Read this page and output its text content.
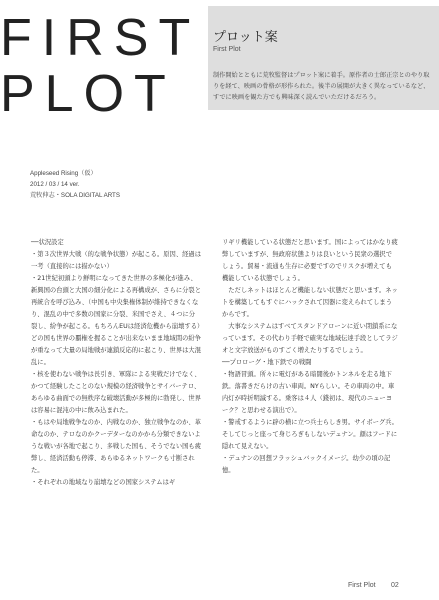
FIRST
PLOT
プロット案
First Plot
制作開始とともに荒牧監督はプロット案に着手。原作者の士郎正宗とのやり取りを経て、映画の骨格が形作られた。後半の展開が大きく異なっているなど、すでに映画を観た方でも興味深く読んでいただけるだろう。
Appleseed Rising（仮）
2012 / 03 / 14 ver.
荒牧伸志・SOLA DIGITAL ARTS

──状況設定

・第３次世界大戦（的な戦争状態）が起こる。原因、経過は一考（直接的には描かない）

・21世紀初頭より鮮明になってきた世界の多極化が進み、新興国の台頭と大国の細分化による再構成が、さらに分裂と再統合を呼び込み、（中国も中央集権体制が維持できなくなり、混乱の中で多数の国家に分裂、米国でさえ、４つに分裂し、紛争が起こる。もちろんEUは経済危機から崩壊する）どの国も世界の覇権を握ることが出来ないまま地域間の紛争が重なって大量の局地戦が連鎖反応的に起こり、世界は大混乱に。

・核を使わない戦争は長引き、軍隊による実戦だけでなく、かつて経験したことのない規模の経済戦争とサイバーテロ、あらゆる曲面での無秩序な破壊活動が多極的に勃発し、世界は容易に混沌の中に飲み込まれた。

・もはや局地戦争なのか、内戦なのか、独立戦争なのか、革命なのか、テロなのかクーデターなのかから分類できないような戦いが各地で起こり、多戦した国も、そうでない国も疲弊し、経済活動も停滞、あらゆるネットワークも寸断された。

・それぞれの地域なり崩壊などの国家システムはギ

リギリ機能している状態だと思います。国によってはかなり疲弊していますが、無政府状態よりは良いという民衆の選択でしょう。貿易・流通も生存に必要ですのでリスクが増えても機能している状態でしょう。

　ただしネットはほとんど機能しない状態だと思います。ネットを構築してもすぐにハックされて因器に変えられてしまうからです。

　大事なシステムはすべてスタンドアローンに近い閉鎖系になっています。その代わり手軽で確実な地域伝達手段としてラジオと文字放送がものすごく増えたりするでしょう。

──プロローグ・地下鉄での戦闘

・物語冒頭。所々に電灯がある暗闇後かトンネルを走る地下鉄。落書きだらけの古い車両。NYらしい。その車両の中。車内灯が時折明滅する。乗客は４人（錢初は、現代のニューヨーク？と思わせる演出で）。

・警戒するように辟の横に立つ兵士らしき男。サイボーグ兵。そしてじっと座って身じろぎもしないデュナン。顔はフードに隠れて見えない。

・デュナンの回想フラッシュバックイメージ。幼少の頃の記憶。

First Plot 02
